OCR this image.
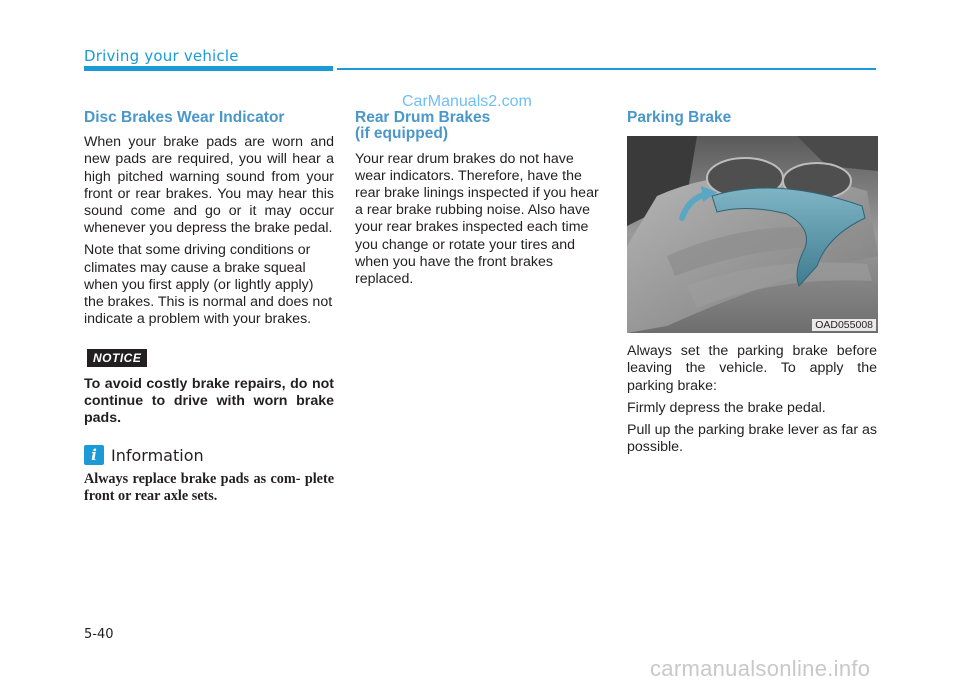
Driving your vehicle
CarManuals2.com
Disc Brakes Wear Indicator

When your brake pads are worn and new pads are required, you will hear a high pitched warning sound from your front or rear brakes. You may hear this sound come and go or it may occur whenever you depress the brake pedal.

Note that some driving conditions or climates may cause a brake squeal when you first apply (or lightly apply) the brakes. This is normal and does not indicate a problem with your brakes.

NOTICE
To avoid costly brake repairs, do not continue to drive with worn brake pads.
i Information
Always replace brake pads as com- plete front or rear axle sets.
Rear Drum Brakes
(if equipped)

Your rear drum brakes do not have wear indicators. Therefore, have the rear brake linings inspected if you hear a rear brake rubbing noise. Also have your rear brakes inspected each time you change or rotate your tires and when you have the front brakes replaced.

Parking Brake
OAD055008

Always set the parking brake before leaving the vehicle. To apply the parking brake:

Firmly depress the brake pedal.

Pull up the parking brake lever as far as possible.

5-40
carmanualsonline.info
